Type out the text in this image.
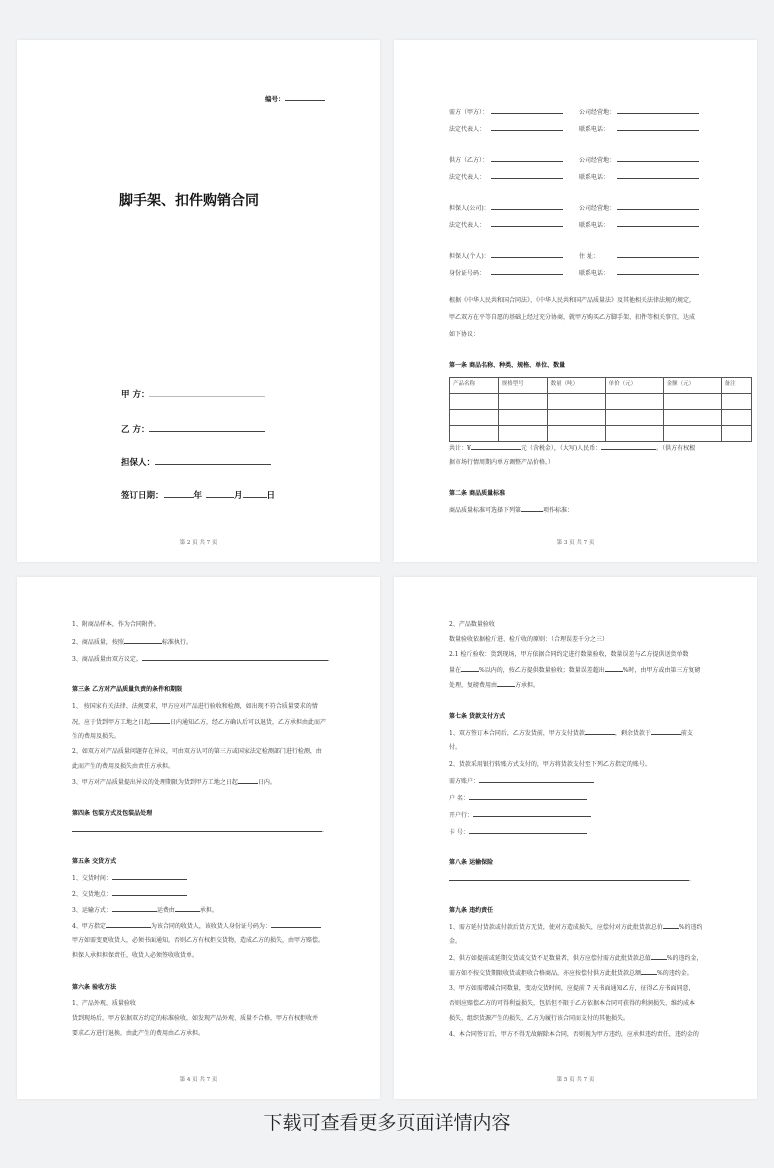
编号：
脚手架、扣件购销合同
甲 方：
乙 方：
担保人：
签订日期：	年	月	日
第 2 页 共 7 页
需方（甲方）：	公司经营地：
法定代表人：	联系电话：
供方（乙方）：	公司经营地：
法定代表人：	联系电话：
担保人(公司)：	公司经营地：
法定代表人：	联系电话：
担保人(个人)：	住 址：
身份证号码：	联系电话：
根据《中华人民共和国合同法》、《中华人民共和国产品质量法》及其他相关法律法规的规定，
甲乙双方在平等自愿的基础上经过充分协商，就甲方购买乙方脚手架、扣件等相关事宜，达成
如下协议：
第一条 商品名称、种类、规格、单位、数量
产品名称	规格型号	数量（吨）	单价（元）	金额（元）	备注

共计：¥	元（含税金），（大写)人民币：	。（供方有权根
据市场行情周期内单方调整产品价格。）
第二条 商品质量标准
商品质量标准可选择下列第	项作标准：
第 3 页 共 7 页
1、附商品样本，作为合同附件。
2、商品质量，按照	标准执行。
3、商品质量由双方议定。	.
第三条 乙方对产品质量负责的条件和期限
1、 按国家有关法律、法规要求，甲方应对产品进行验收和检测，如出现不符合质量要求的情
况，应于货到甲方工地之日起	日内通知乙方，经乙方确认后可以退货，乙方承担由此而产
生的费用及损失。
2、如双方对产品质量问题存在异议，可由双方认可的第三方或国家法定检测部门进行检测，由
此而产生的费用及损失由责任方承担。
3、甲方对产品质量提出异议的处理期限为货到甲方工地之日起	日内。
第四条 包装方式及包装品处理
.
第五条 交货方式
1、交货时间：
2、交货地点：
3、运输方式：	运费由	承担。
4、甲方指定	为该合同的收货人，该收货人身份证号码为：
甲方如需变更收货人，必须书面通知，否则乙方有权拒交货物，造成乙方的损失，由甲方赔偿。
担保人承担担保责任，收货人必须签收收货单。
第六条 验收方法
1、产品外观、质量验收
货到现场后，甲方依据双方约定的标准验收，如发现产品外观、质量不合格，甲方有权拒收并
要求乙方进行退换，由此产生的费用由乙方承担。
第 4 页 共 7 页
2、产品数量验收
数量验收依据检斤进、检斤收的原则：（合理误差千分之三）
2.1 检斤验收：货到现场，甲方依据合同约定进行数量验收，数量误差与乙方提供送货单数
量在	%以内的，按乙方提供数量验收；数量误差超出	%时，由甲方或由第三方复磅
处理，复磅费用由	方承担。
第七条 货款支付方式
1、双方签订本合同后，乙方发货前，甲方支付货款	，剩余货款于	前支
付。
2、货款采用银行转账方式支付的，甲方将货款支付至下列乙方指定的账号。
需方账户：
户 名：
开户行：
卡 号：
第八条 运输保险
.
第九条 违约责任
1、需方延付货款或付款后货方无货，使对方造成损失，应偿付对方此批货款总价	%的违约
金。
2、供方如提前或延期交货或交货不足数量者，供方应偿付需方此批货款总值	%的违约金，
需方如不按交货期限收货或拒收合格商品，亦应按偿付供方此批货款总额	%的违约金。
3、甲方如需增减合同数量，变动交货时间，应提前 7 天书面通知乙方，征得乙方书面同意，
否则应赔偿乙方的可得利益损失，包括但不限于乙方依据本合同可获得的利润损失、维约成本
损失、组织货源产生的损失、乙方为履行该合同而支付的其他损失。
4、本合同签订后，甲方不得无故解除本合同，否则视为甲方违约，应承担违约责任，违约金的
第 5 页 共 7 页
下载可查看更多页面详情内容
